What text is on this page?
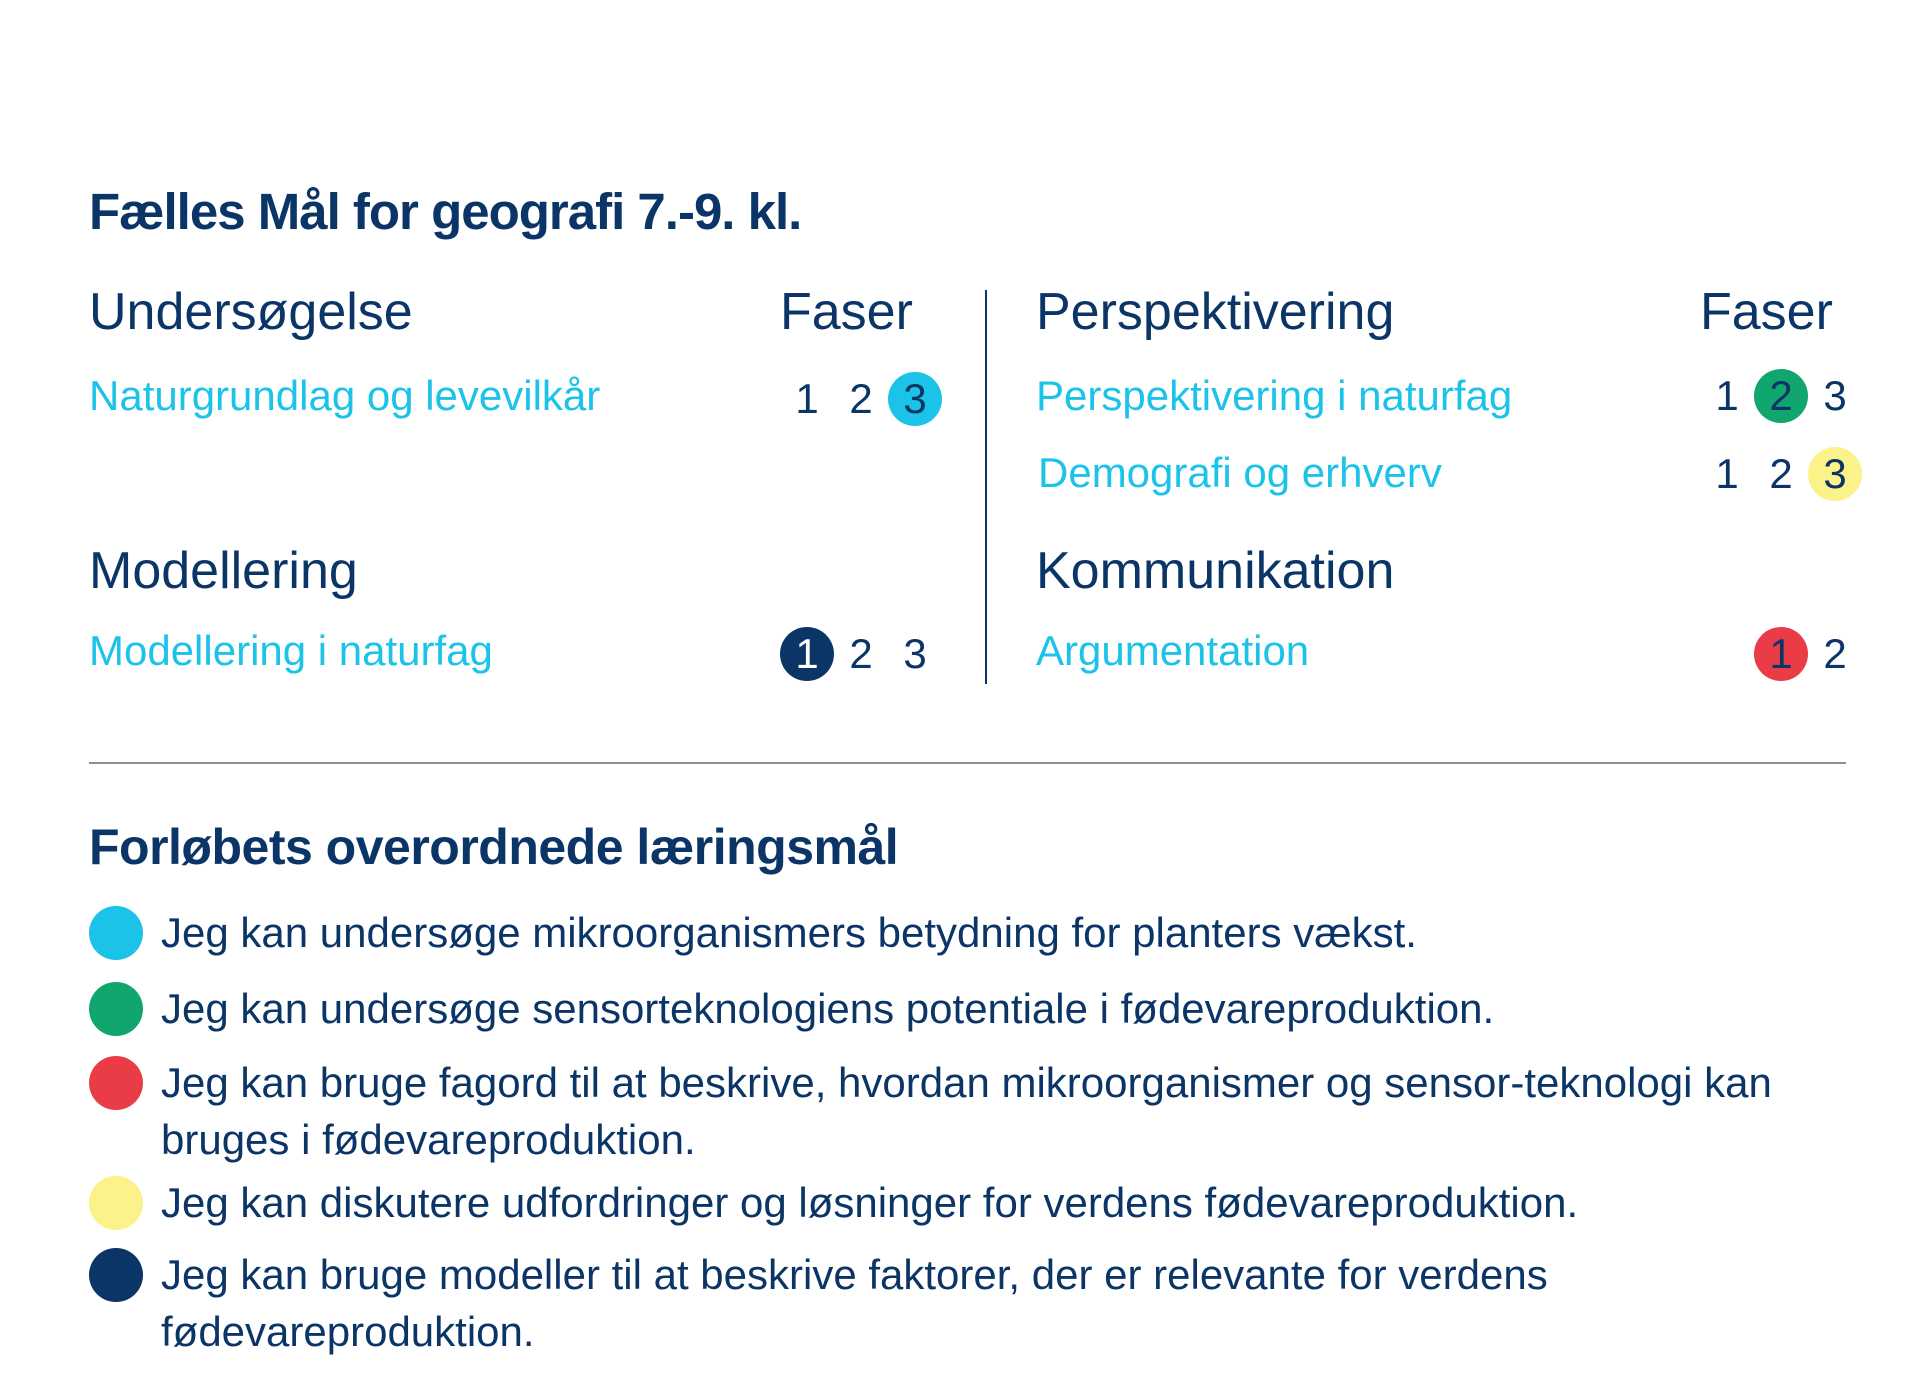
Fælles Mål for geografi 7.-9. kl.
Undersøgelse	Faser
Naturgrundlag og levevilkår	1 2 3
Modellering
Modellering i naturfag	1 2 3
Perspektivering	Faser
Perspektivering i naturfag	1 2 3
Demografi og erhverv	1 2 3
Kommunikation
Argumentation	1 2
Forløbets overordnede læringsmål
Jeg kan undersøge mikroorganismers betydning for planters vækst.
Jeg kan undersøge sensorteknologiens potentiale i fødevareproduktion.
Jeg kan bruge fagord til at beskrive, hvordan mikroorganismer og sensor-teknologi kan bruges i fødevareproduktion.
Jeg kan diskutere udfordringer og løsninger for verdens fødevareproduktion.
Jeg kan bruge modeller til at beskrive faktorer, der er relevante for verdens fødevareproduktion.
